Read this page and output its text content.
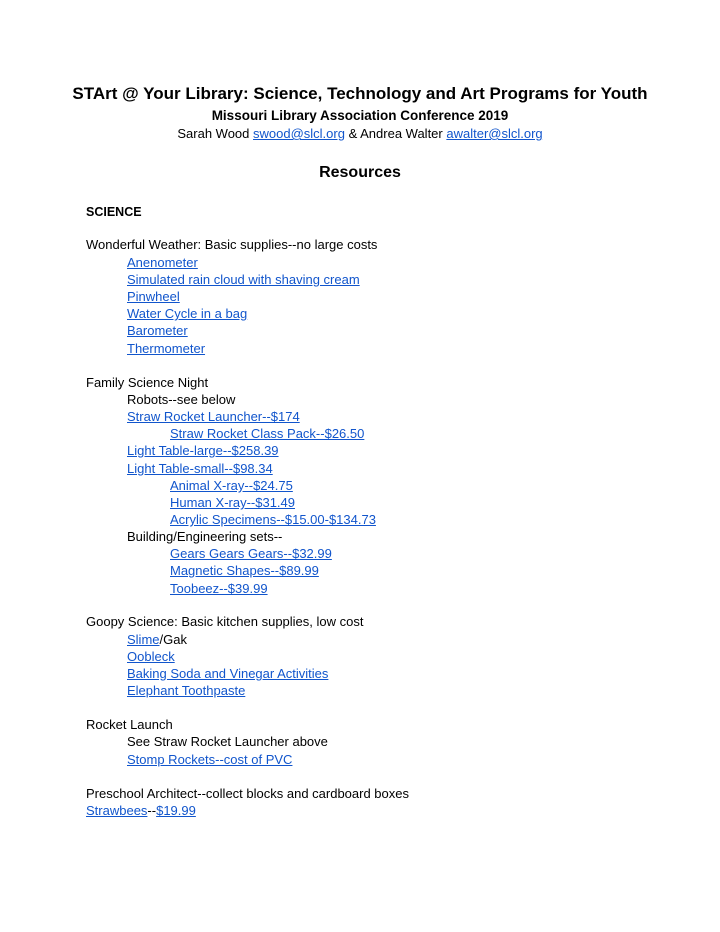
STArt @ Your Library: Science, Technology and Art Programs for Youth
Missouri Library Association Conference 2019
Sarah Wood swood@slcl.org & Andrea Walter awalter@slcl.org
Resources
SCIENCE
Wonderful Weather: Basic supplies--no large costs
Anenometer
Simulated rain cloud with shaving cream
Pinwheel
Water Cycle in a bag
Barometer
Thermometer
Family Science Night
Robots--see below
Straw Rocket Launcher--$174
Straw Rocket Class Pack--$26.50
Light Table-large--$258.39
Light Table-small--$98.34
Animal X-ray--$24.75
Human X-ray--$31.49
Acrylic Specimens--$15.00-$134.73
Building/Engineering sets--
Gears Gears Gears--$32.99
Magnetic Shapes--$89.99
Toobeez--$39.99
Goopy Science: Basic kitchen supplies, low cost
Slime/Gak
Oobleck
Baking Soda and Vinegar Activities
Elephant Toothpaste
Rocket Launch
See Straw Rocket Launcher above
Stomp Rockets--cost of PVC
Preschool Architect--collect blocks and cardboard boxes
Strawbees--$19.99
